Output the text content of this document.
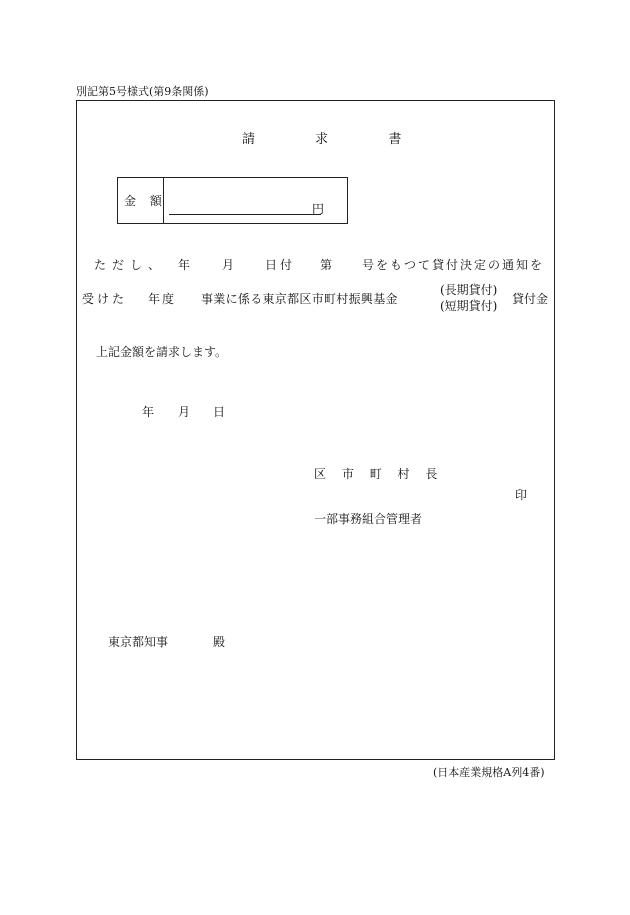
別記第5号様式(第9条関係)
請	求	書
金 額
円
ただし、 年	月	日付 第 号をもつて貸付決定の通知を
受けた 年度 事業に係る東京都区市町村振興基金
(長期貸付)
(短期貸付) 貸付金
上記金額を請求します。
年 月 日
区 市 町 村 長
印
一部事務組合管理者
東京都知事	殿
(日本産業規格A列4番)
